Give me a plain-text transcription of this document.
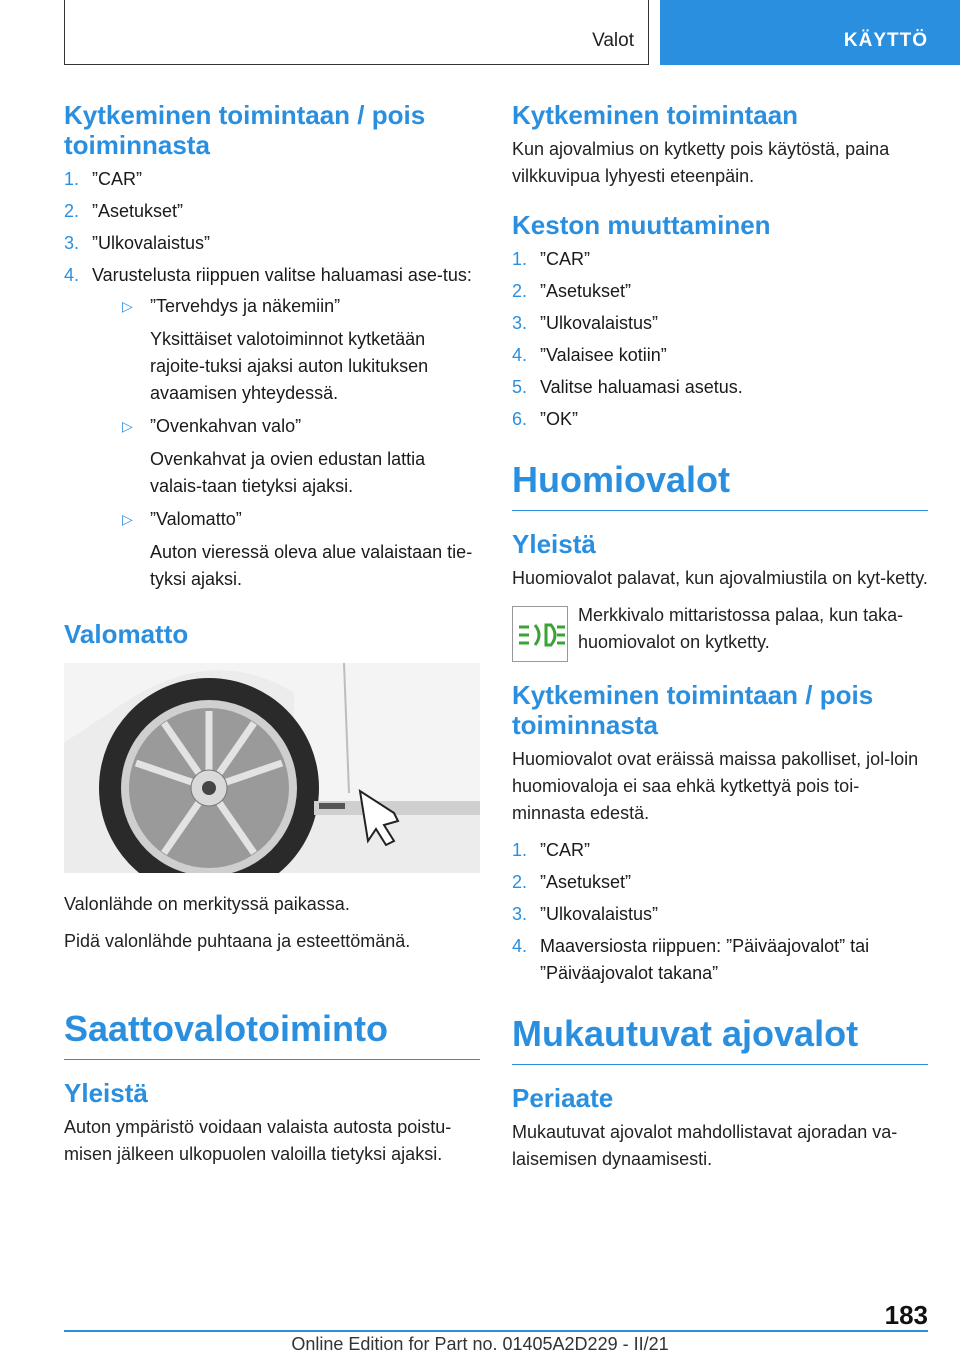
Valot	KÄYTTÖ
Kytkeminen toimintaan / pois toiminnasta
1. ”CAR”
2. ”Asetukset”
3. ”Ulkovalaistus”
4. Varustelusta riippuen valitse haluamasi ase-tus:
▷ ”Tervehdys ja näkemiin”
Yksittäiset valotoiminnot kytketään rajoite-tuksi ajaksi auton lukituksen avaamisen yhteydessä.
▷ ”Ovenkahvan valo”
Ovenkahvat ja ovien edustan lattia valais-taan tietyksi ajaksi.
▷ ”Valomatto”
Auton vieressä oleva alue valaistaan tie-tyksi ajaksi.
Valomatto

Valonlähde on merkityssä paikassa.

Pidä valonlähde puhtaana ja esteettömänä.

Saattovalotoiminto
Yleistä

Auton ympäristö voidaan valaista autosta poistu-misen jälkeen ulkopuolen valoilla tietyksi ajaksi.

Kytkeminen toimintaan

Kun ajovalmius on kytketty pois käytöstä, paina vilkkuvipua lyhyesti eteenpäin.

Keston muuttaminen
1. ”CAR”
2. ”Asetukset”
3. ”Ulkovalaistus”
4. ”Valaisee kotiin”
5. Valitse haluamasi asetus.
6. ”OK”
Huomiovalot
Yleistä

Huomiovalot palavat, kun ajovalmiustila on kyt-ketty.

Merkkivalo mittaristossa palaa, kun taka-huomiovalot on kytketty.

Kytkeminen toimintaan / pois toiminnasta

Huomiovalot ovat eräissä maissa pakolliset, jol-loin huomiovaloja ei saa ehkä kytkettyä pois toi-minnasta edestä.

1. ”CAR”
2. ”Asetukset”
3. ”Ulkovalaistus”
4. Maaversiosta riippuen: ”Päiväajovalot” tai ”Päiväajovalot takana”
Mukautuvat ajovalot
Periaate

Mukautuvat ajovalot mahdollistavat ajoradan va-laisemisen dynaamisesti.

183
Online Edition for Part no. 01405A2D229 - II/21
